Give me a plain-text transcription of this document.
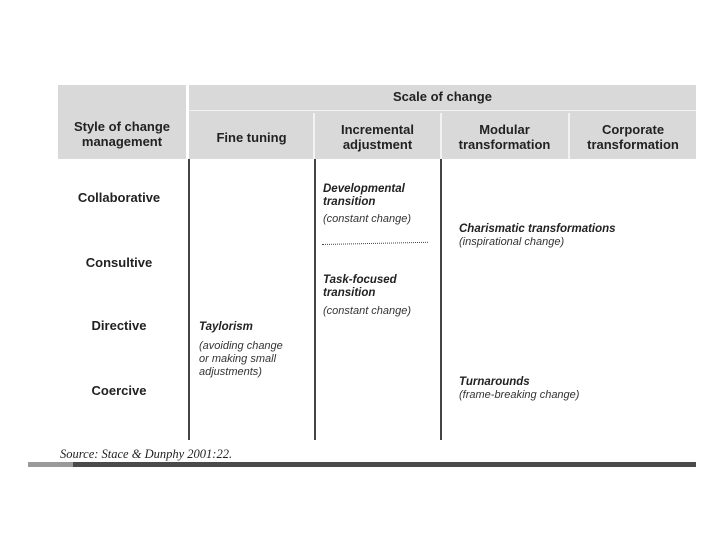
Scale of change
Style of change
management	Fine tuning
Incremental
adjustment
Modular
transformation
Corporate
transformation
Collaborative
Consultive
Directive
Coercive
Developmental
transition
(constant change)
Task-focused
transition
(constant change)
Charismatic transformations
(inspirational change)
Taylorism
(avoiding change
or making small
adjustments)
Turnarounds
(frame-breaking change)
Source: Stace & Dunphy 2001:22.
